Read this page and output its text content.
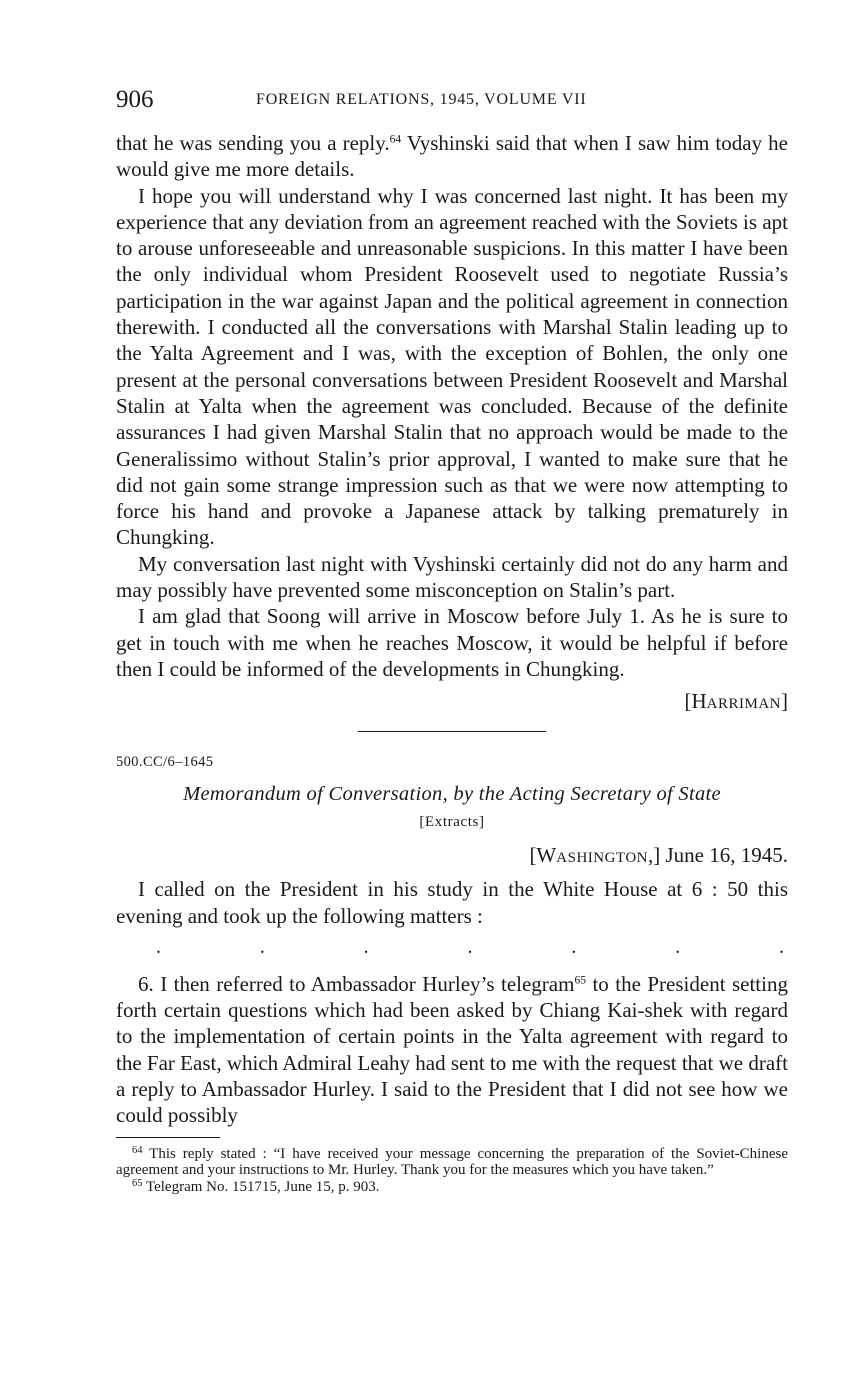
906	FOREIGN RELATIONS, 1945, VOLUME VII

that he was sending you a reply.$^{64}$ Vyshinski said that when I saw him today he would give me more details.

I hope you will understand why I was concerned last night. It has been my experience that any deviation from an agreement reached with the Soviets is apt to arouse unforeseeable and unreasonable suspicions. In this matter I have been the only individual whom President Roosevelt used to negotiate Russia’s participation in the war against Japan and the political agreement in connection therewith. I conducted all the conversations with Marshal Stalin leading up to the Yalta Agreement and I was, with the exception of Bohlen, the only one present at the personal conversations between President Roosevelt and Marshal Stalin at Yalta when the agreement was concluded. Because of the definite assurances I had given Marshal Stalin that no approach would be made to the Generalissimo without Stalin’s prior approval, I wanted to make sure that he did not gain some strange impression such as that we were now attempting to force his hand and provoke a Japanese attack by talking prematurely in Chungking.

My conversation last night with Vyshinski certainly did not do any harm and may possibly have prevented some misconception on Stalin’s part.

I am glad that Soong will arrive in Moscow before July 1. As he is sure to get in touch with me when he reaches Moscow, it would be helpful if before then I could be informed of the developments in Chungking.

[HARRIMAN]
500.CC/6–1645
Memorandum of Conversation, by the Acting Secretary of State
[Extracts]
[WASHINGTON,] June 16, 1945.

I called on the President in his study in the White House at 6 : 50 this evening and took up the following matters :

.	.	.	.	.	.	.

6. I then referred to Ambassador Hurley’s telegram$^{65}$ to the President setting forth certain questions which had been asked by Chiang Kai-shek with regard to the implementation of certain points in the Yalta agreement with regard to the Far East, which Admiral Leahy had sent to me with the request that we draft a reply to Ambassador Hurley. I said to the President that I did not see how we could possibly

$^{64}$ This reply stated : “I have received your message concerning the preparation of the Soviet-Chinese agreement and your instructions to Mr. Hurley. Thank you for the measures which you have taken.”

$^{65}$ Telegram No. 151715, June 15, p. 903.
